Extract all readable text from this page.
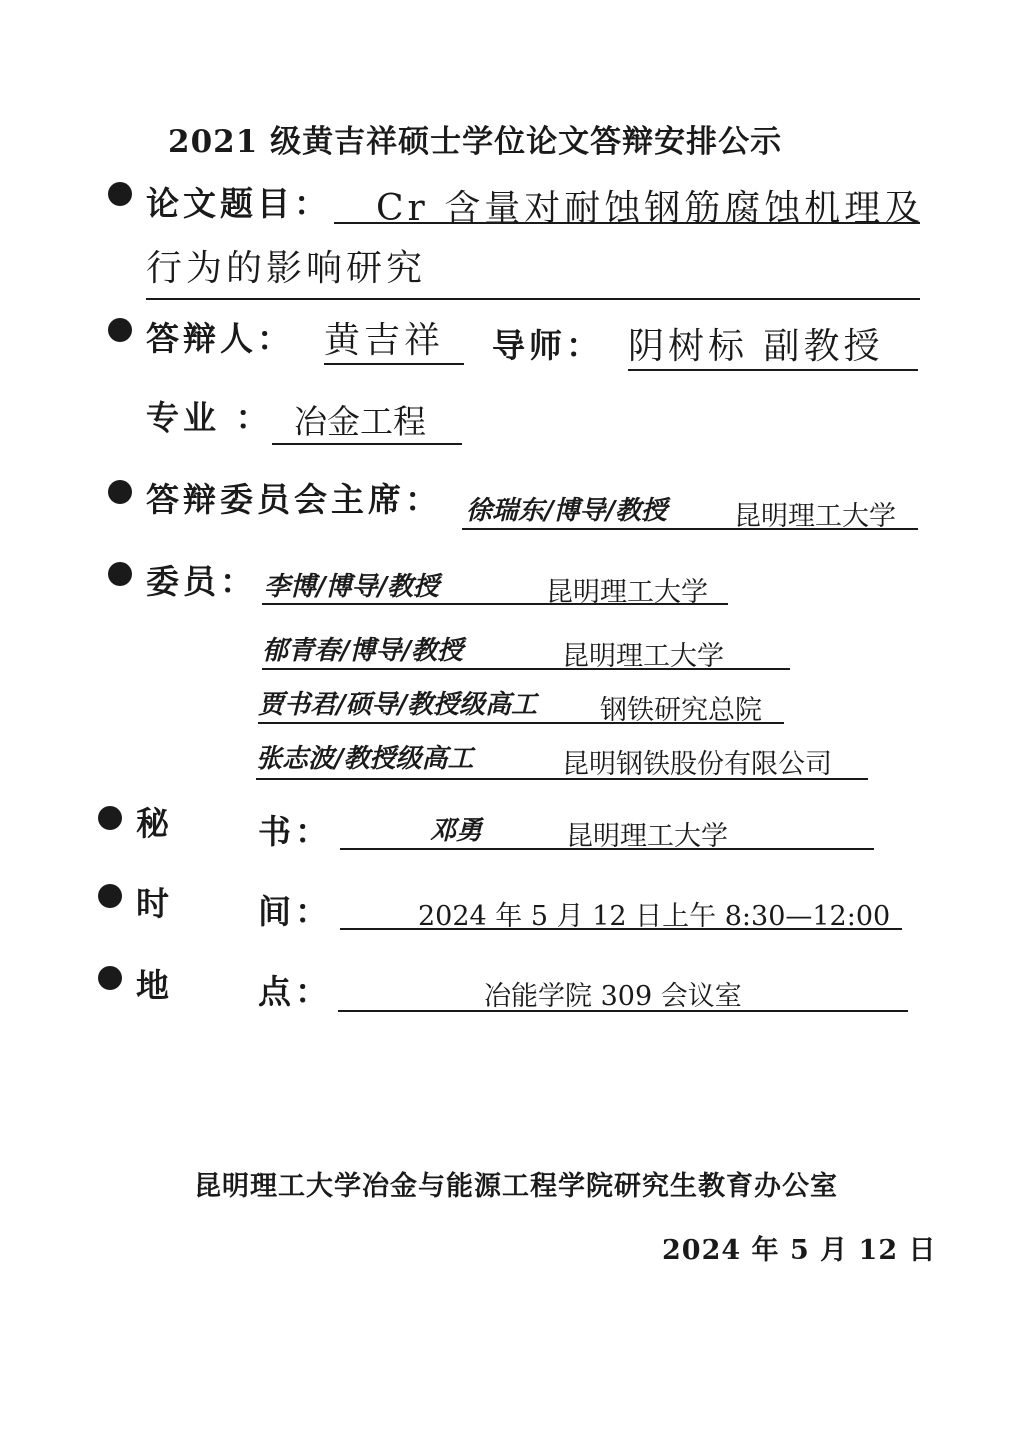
2021 级黄吉祥硕士学位论文答辩安排公示
论文题目： Cr 含量对耐蚀钢筋腐蚀机理及
行为的影响研究
答辩人： 黄吉祥	导师： 阴树标 副教授
专业 ： 冶金工程
答辩委员会主席： 徐瑞东/博导/教授 昆明理工大学
委员： 李博/博导/教授	昆明理工大学
郁青春/博导/教授	昆明理工大学
贾书君/硕导/教授级高工 钢铁研究总院
张志波/教授级高工	昆明钢铁股份有限公司
秘	书：	邓勇	昆明理工大学
时	间：	2024 年 5 月 12 日上午 8:30—12:00
地	点：	冶能学院 309 会议室
昆明理工大学冶金与能源工程学院研究生教育办公室
2024 年 5 月 12 日
